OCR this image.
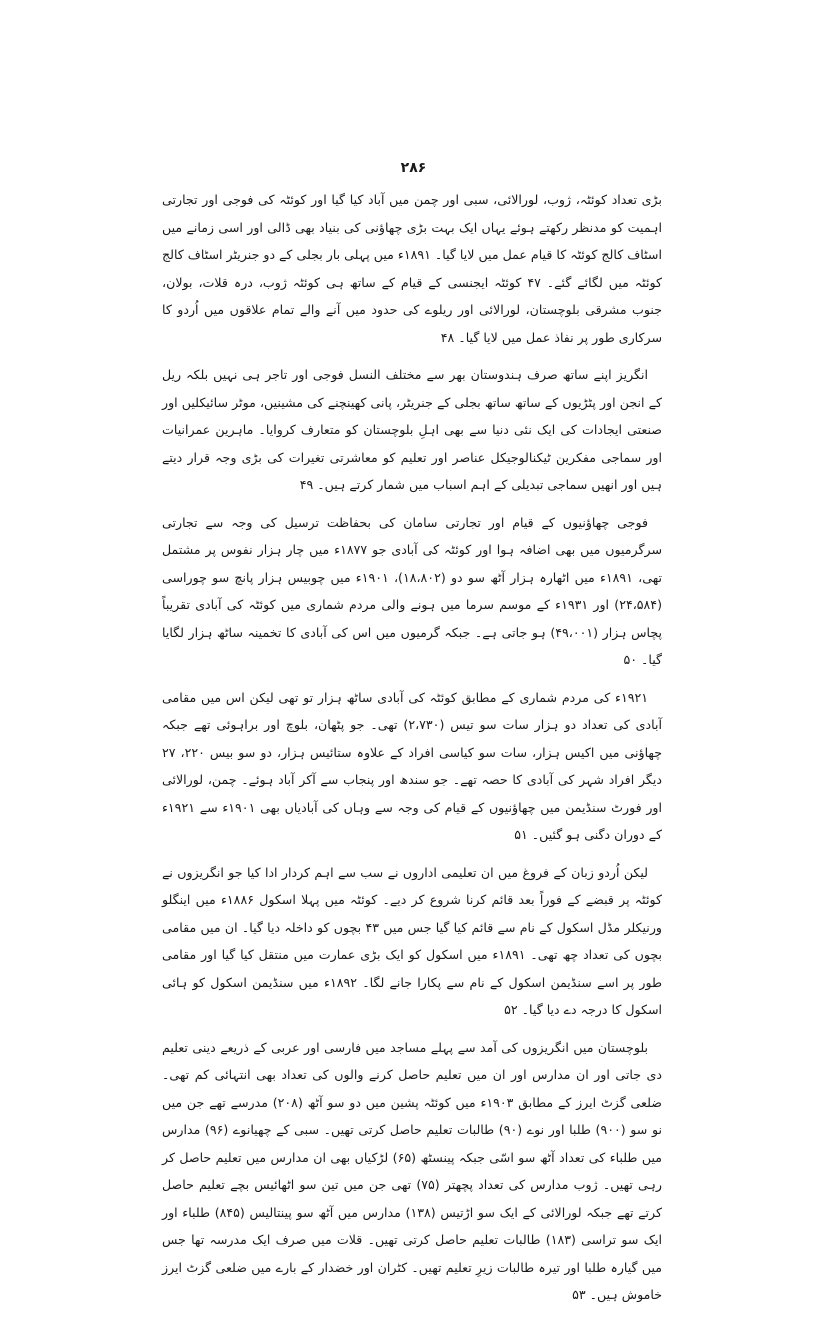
۲۸۶

بڑی تعداد کوئٹہ، ژوب، لورالائی، سبی اور چمن میں آباد کیا گیا اور کوئٹہ کی فوجی اور تجارتی اہمیت کو مدنظر رکھتے ہوئے یہاں ایک بہت بڑی چھاؤنی کی بنیاد بھی ڈالی اور اسی زمانے میں اسٹاف کالج کوئٹہ کا قیام عمل میں لایا گیا۔ ۱۸۹۱ء میں پہلی بار بجلی کے دو جنریٹر اسٹاف کالج کوئٹہ میں لگائے گئے۔ ۴۷ کوئٹہ ایجنسی کے قیام کے ساتھ ہی کوئٹہ ژوب، درہ قلات، بولان، جنوب مشرقی بلوچستان، لورالائی اور ریلوے کی حدود میں آنے والے تمام علاقوں میں اُردو کا سرکاری طور پر نفاذ عمل میں لایا گیا۔ ۴۸

انگریز اپنے ساتھ صرف ہندوستان بھر سے مختلف النسل فوجی اور تاجر ہی نہیں بلکہ ریل کے انجن اور پٹڑیوں کے ساتھ ساتھ بجلی کے جنریٹر، پانی کھینچنے کی مشینیں، موٹر سائیکلیں اور صنعتی ایجادات کی ایک نئی دنیا سے بھی اہلِ بلوچستان کو متعارف کروایا۔ ماہرین عمرانیات اور سماجی مفکرین ٹیکنالوجیکل عناصر اور تعلیم کو معاشرتی تغیرات کی بڑی وجہ قرار دیتے ہیں اور انھیں سماجی تبدیلی کے اہم اسباب میں شمار کرتے ہیں۔ ۴۹

فوجی چھاؤنیوں کے قیام اور تجارتی سامان کی بحفاظت ترسیل کی وجہ سے تجارتی سرگرمیوں میں بھی اضافہ ہوا اور کوئٹہ کی آبادی جو ۱۸۷۷ء میں چار ہزار نفوس پر مشتمل تھی، ۱۸۹۱ء میں اٹھارہ ہزار آٹھ سو دو (۱۸،۸۰۲)، ۱۹۰۱ء میں چوبیس ہزار پانچ سو چوراسی (۲۴،۵۸۴) اور ۱۹۳۱ء کے موسم سرما میں ہونے والی مردم شماری میں کوئٹہ کی آبادی تقریباً پچاس ہزار (۴۹،۰۰۱) ہو جاتی ہے۔ جبکہ گرمیوں میں اس کی آبادی کا تخمینہ ساٹھ ہزار لگایا گیا۔ ۵۰

۱۹۲۱ء کی مردم شماری کے مطابق کوئٹہ کی آبادی ساٹھ ہزار تو تھی لیکن اس میں مقامی آبادی کی تعداد دو ہزار سات سو تیس (۲،۷۳۰) تھی۔ جو پٹھان، بلوچ اور براہوئی تھے جبکہ چھاؤنی میں اکیس ہزار، سات سو کیاسی افراد کے علاوہ ستائیس ہزار، دو سو بیس ۲۲۰، ۲۷ دیگر افراد شہر کی آبادی کا حصہ تھے۔ جو سندھ اور پنجاب سے آکر آباد ہوئے۔ چمن، لورالائی اور فورٹ سنڈیمن میں چھاؤنیوں کے قیام کی وجہ سے وہاں کی آبادیاں بھی ۱۹۰۱ء سے ۱۹۲۱ء کے دوران دگنی ہو گئیں۔ ۵۱

لیکن اُردو زبان کے فروغ میں ان تعلیمی اداروں نے سب سے اہم کردار ادا کیا جو انگریزوں نے کوئٹہ پر قبضے کے فوراً بعد قائم کرنا شروع کر دیے۔ کوئٹہ میں پہلا اسکول ۱۸۸۶ء میں اینگلو ورنیکلر مڈل اسکول کے نام سے قائم کیا گیا جس میں ۴۳ بچوں کو داخلہ دیا گیا۔ ان میں مقامی بچوں کی تعداد چھ تھی۔ ۱۸۹۱ء میں اسکول کو ایک بڑی عمارت میں منتقل کیا گیا اور مقامی طور پر اسے سنڈیمن اسکول کے نام سے پکارا جانے لگا۔ ۱۸۹۲ء میں سنڈیمن اسکول کو ہائی اسکول کا درجہ دے دیا گیا۔ ۵۲

بلوچستان میں انگریزوں کی آمد سے پہلے مساجد میں فارسی اور عربی کے ذریعے دینی تعلیم دی جاتی اور ان مدارس اور ان میں تعلیم حاصل کرنے والوں کی تعداد بھی انتہائی کم تھی۔ ضلعی گزٹ ایرز کے مطابق ۱۹۰۳ء میں کوئٹہ پشین میں دو سو آٹھ (۲۰۸) مدرسے تھے جن میں نو سو (۹۰۰) طلبا اور نوے (۹۰) طالبات تعلیم حاصل کرتی تھیں۔ سبی کے چھیانوے (۹۶) مدارس میں طلباء کی تعداد آٹھ سو اسّی جبکہ پینسٹھ (۶۵) لڑکیاں بھی ان مدارس میں تعلیم حاصل کر رہی تھیں۔ ژوب مدارس کی تعداد پچھتر (۷۵) تھی جن میں تین سو اٹھائیس بچے تعلیم حاصل کرتے تھے جبکہ لورالائی کے ایک سو اڑتیس (۱۳۸) مدارس میں آٹھ سو پینتالیس (۸۴۵) طلباء اور ایک سو تراسی (۱۸۳) طالبات تعلیم حاصل کرتی تھیں۔ قلات میں صرف ایک مدرسہ تھا جس میں گیارہ طلبا اور تیرہ طالبات زیرِ تعلیم تھیں۔ کٹران اور خضدار کے بارے میں ضلعی گزٹ ایرز خاموش ہیں۔ ۵۳
